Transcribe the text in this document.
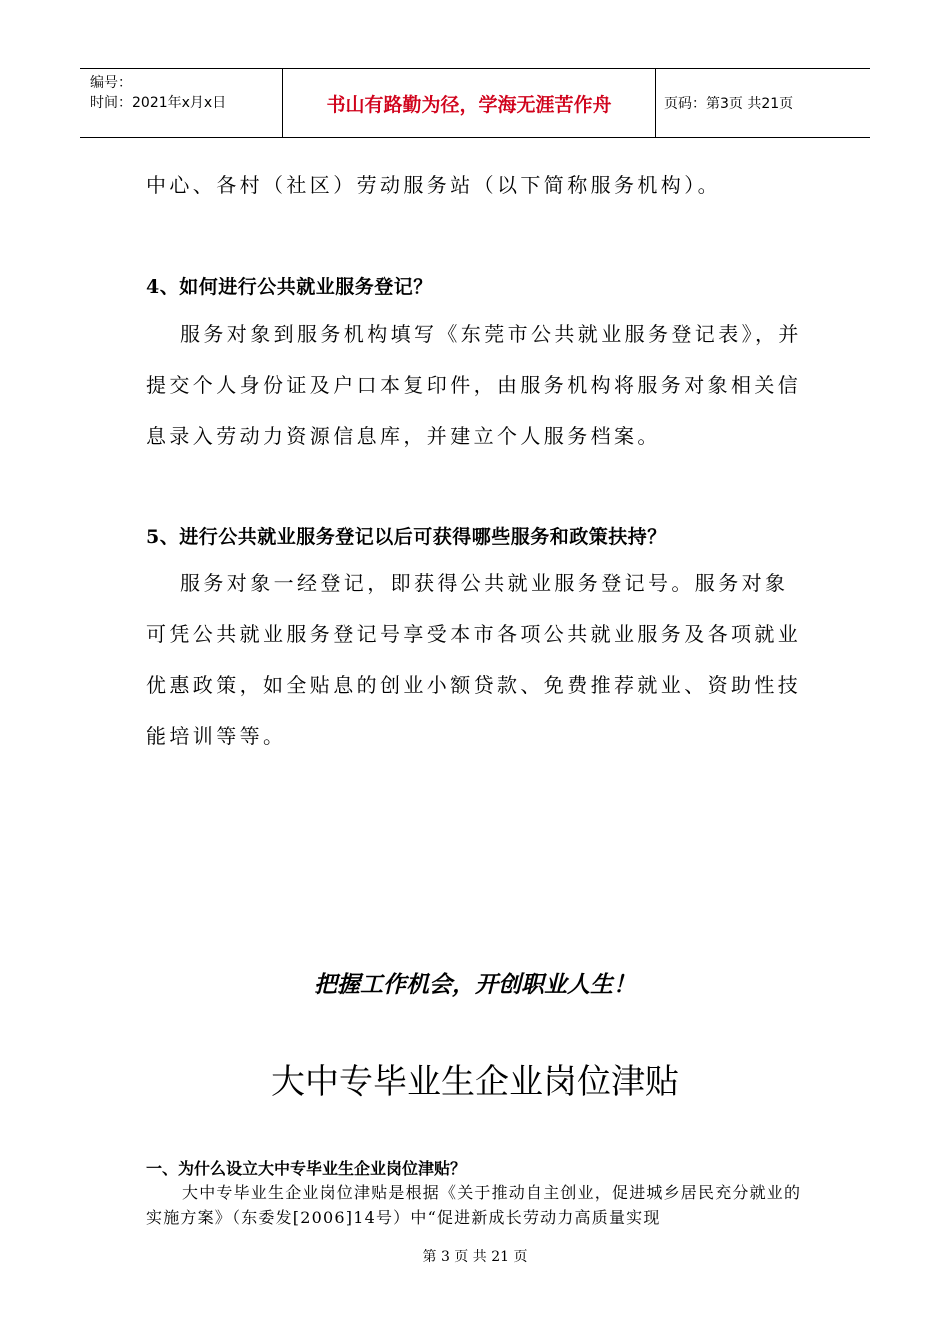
编号：
时间：2021年x月x日	书山有路勤为径，学海无涯苦作舟	页码：第3页 共21页

中心、各村（社区）劳动服务站（以下简称服务机构）。

4、如何进行公共就业服务登记？

服务对象到服务机构填写《东莞市公共就业服务登记表》，并提交个人身份证及户口本复印件，由服务机构将服务对象相关信息录入劳动力资源信息库，并建立个人服务档案。

5、进行公共就业服务登记以后可获得哪些服务和政策扶持？

服务对象一经登记，即获得公共就业服务登记号。服务对象可凭公共就业服务登记号享受本市各项公共就业服务及各项就业优惠政策，如全贴息的创业小额贷款、免费推荐就业、资助性技能培训等等。

把握工作机会，开创职业人生！
大中专毕业生企业岗位津贴
一、为什么设立大中专毕业生企业岗位津贴？

大中专毕业生企业岗位津贴是根据《关于推动自主创业，促进城乡居民充分就业的实施方案》（东委发[2006]14号）中“促进新成长劳动力高质量实现

第 3 页 共 21 页
